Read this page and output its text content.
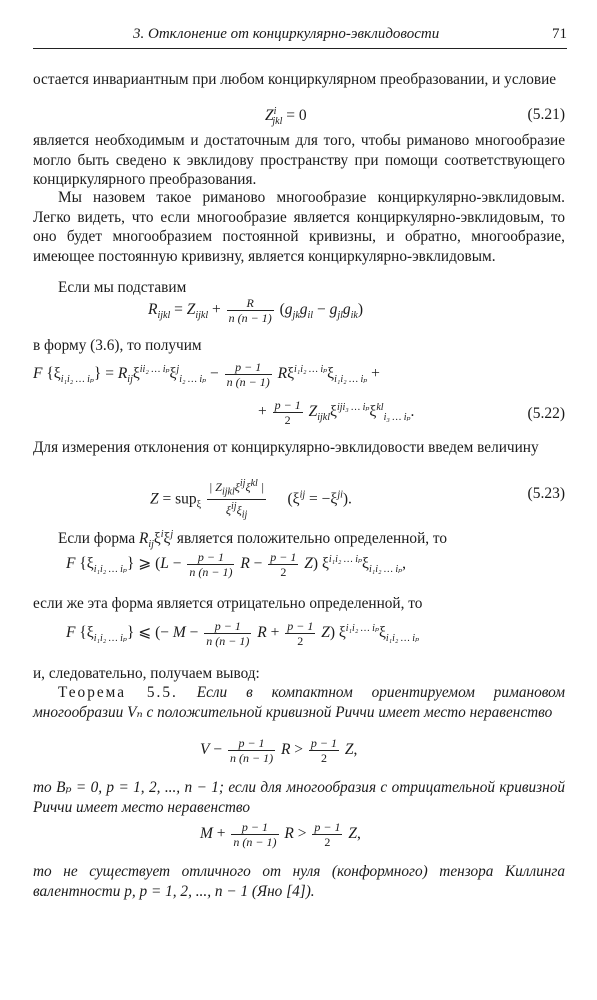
3. Отклонение от конциркулярно-эвклидовости	71
остается инвариантным при любом конциркулярном преобразовании, и условие
$Z^i_{jkl} = 0$	(5.21)
является необходимым и достаточным для того, чтобы риманово многообразие могло быть сведено к эвклидову пространству при помощи соответствующего конциркулярного преобразования.
Мы назовем такое риманово многообразие конциркулярно-эвклидовым. Легко видеть, что если многообразие является конциркулярно-эвклидовым, то оно будет многообразием постоянной кривизны, и обратно, многообразие, имеющее постоянную кривизну, является конциркулярно-эвклидовым.
Если мы подставим
$R_{ijkl} = Z_{ijkl} + \frac{R}{n (n - 1)} (g_{jk}g_{il} - g_{jl}g_{ik})$
в форму (3.6), то получим
F $\{\xi_{i_1i_2 \dots i_p}\} = R_{ij}\xi^{ii_2 \dots i_p}\xi^j_{i_2 \dots i_p} - \frac{p - 1}{n (n - 1)} R\xi^{i_1i_2 \dots i_p}\xi_{i_1i_2 \dots i_p}$ +
+ $\frac{p - 1}{2} Z_{ijkl}\xi^{iji_3 \dots i_p}\xi^{kl}_{i_3 \dots i_p}$.	(5.22)
Для измерения отклонения от конциркулярно-эвклидовости введем величину
$Z = sup_\xi \frac{| Z_{ijkl}\xi^{ij}\xi^{kl} |}{\xi^{ij}\xi_{ij}} (\xi^{ij} = -\xi^{ji})$.	(5.23)
Если форма $R_{ij}\xi^i\xi^j$ является положительно определенной, то
F $\{\xi_{i_1i_2 \dots i_p}\}$ ⩾ ($L - \frac{p - 1}{n (n - 1)}$ $R - \frac{p - 1}{2} Z$) $\xi^{i_1i_2 \dots i_p}\xi_{i_1i_2 \dots i_p}$,
если же эта форма является отрицательно определенной, то
F $\{\xi_{i_1i_2 \dots i_p}\}$ ⩽ (− $M - \frac{p - 1}{n (n - 1)}$ $R + \frac{p - 1}{2} Z$) $\xi^{i_1i_2 \dots i_p}\xi_{i_1i_2 \dots i_p}$
и, следовательно, получаем вывод:
Теорема 5.5. Если в компактном ориентируемом римановом многообразии Vₙ с положительной кривизной Риччи имеет место неравенство
$V - \frac{p - 1}{n (n - 1)}$ $R > \frac{p - 1}{2} Z$,
то Bₚ = 0, p = 1, 2, ..., n − 1; если для многообразия с отрицательной кривизной Риччи имеет место неравенство
$M + \frac{p - 1}{n (n - 1)}$ $R > \frac{p - 1}{2} Z$,
то не существует отличного от нуля (конформного) тензора Киллинга валентности p, p = 1, 2, ..., n − 1 (Яно [4]).
